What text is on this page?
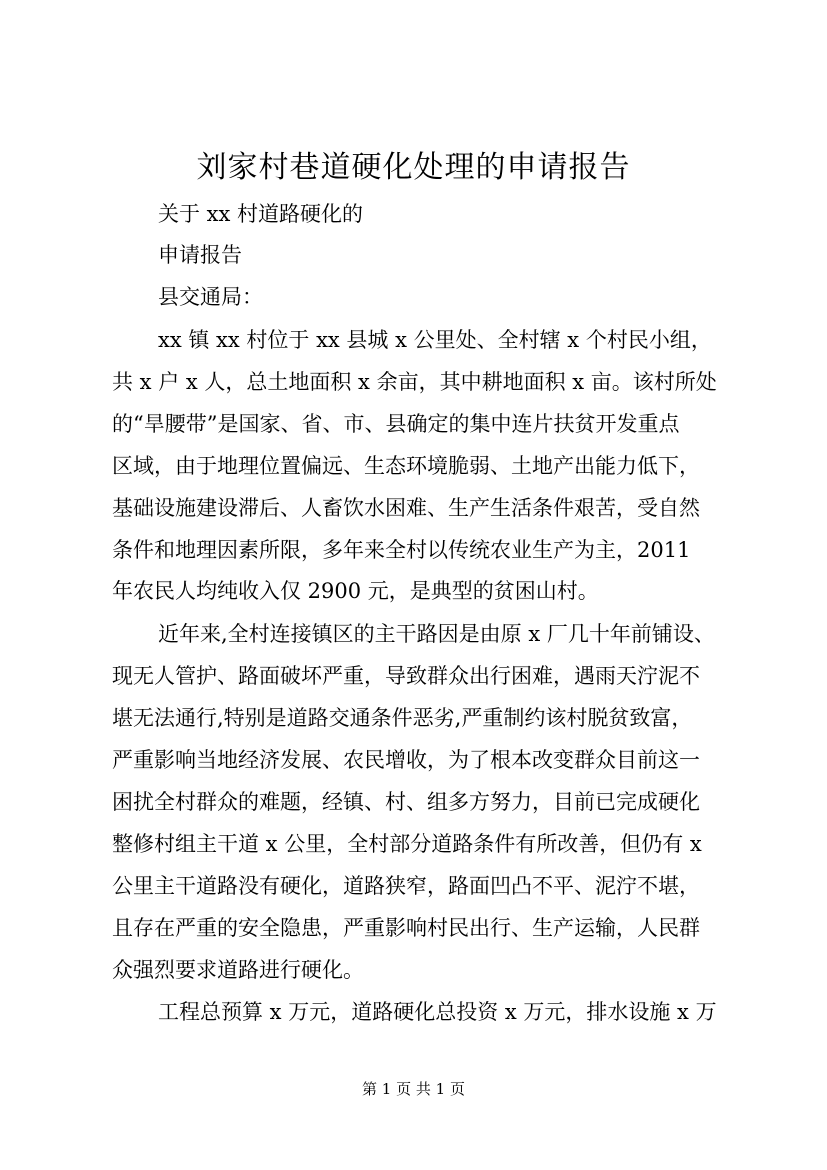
刘家村巷道硬化处理的申请报告

关于 xx 村道路硬化的

申请报告

县交通局：

xx 镇 xx 村位于 xx 县城 x 公里处、全村辖 x 个村民小组，

共 x 户 x 人，总土地面积 x 余亩，其中耕地面积 x 亩。该村所处

的“旱腰带”是国家、省、市、县确定的集中连片扶贫开发重点

区域，由于地理位置偏远、生态环境脆弱、土地产出能力低下，

基础设施建设滞后、人畜饮水困难、生产生活条件艰苦，受自然

条件和地理因素所限，多年来全村以传统农业生产为主，2011

年农民人均纯收入仅 2900 元，是典型的贫困山村。

近年来,全村连接镇区的主干路因是由原 x 厂几十年前铺设、

现无人管护、路面破坏严重，导致群众出行困难，遇雨天泞泥不

堪无法通行,特别是道路交通条件恶劣,严重制约该村脱贫致富，

严重影响当地经济发展、农民增收，为了根本改变群众目前这一

困扰全村群众的难题，经镇、村、组多方努力，目前已完成硬化

整修村组主干道 x 公里，全村部分道路条件有所改善，但仍有 x

公里主干道路没有硬化，道路狭窄，路面凹凸不平、泥泞不堪，

且存在严重的安全隐患，严重影响村民出行、生产运输，人民群

众强烈要求道路进行硬化。

工程总预算 x 万元，道路硬化总投资 x 万元，排水设施 x 万

第 1 页 共 1 页
